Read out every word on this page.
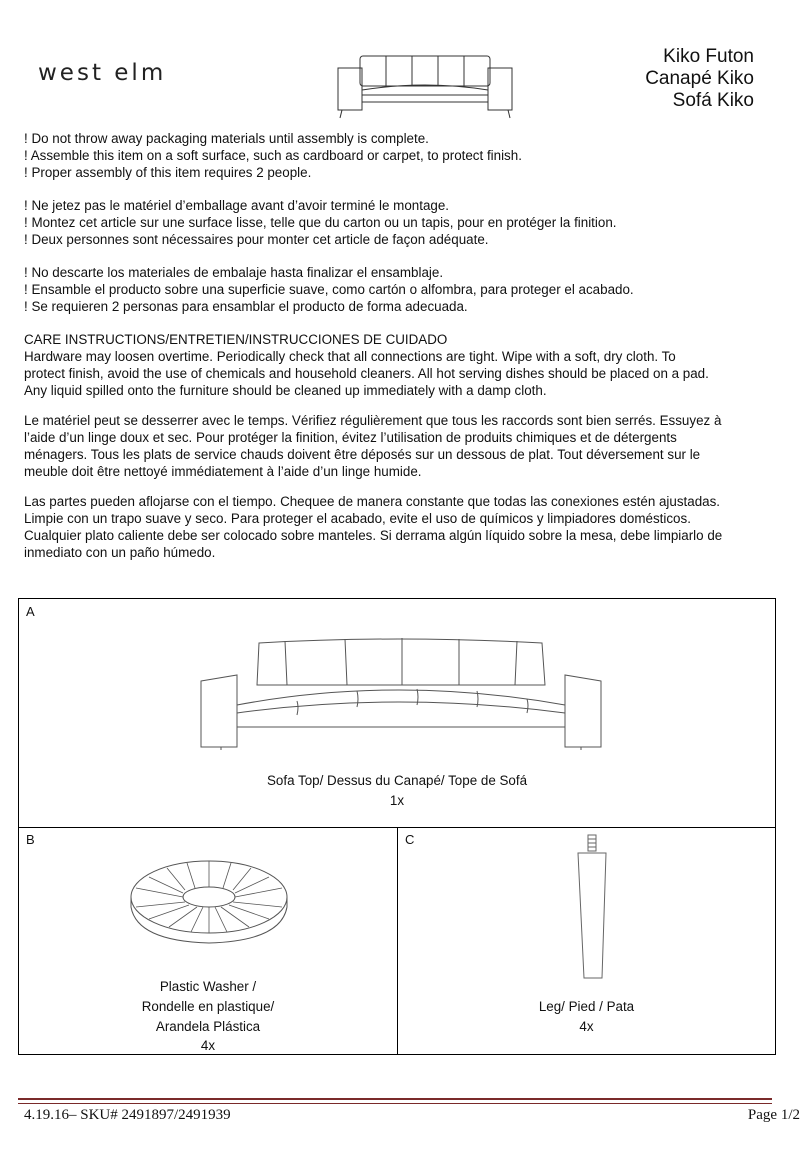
west elm
Kiko Futon
Canapé Kiko
Sofá Kiko
! Do not throw away packaging materials until assembly is complete.
! Assemble this item on a soft surface, such as cardboard or carpet, to protect finish.
! Proper assembly of this item requires 2 people.
! Ne jetez pas le matériel d’emballage avant d’avoir terminé le montage.
! Montez cet article sur une surface lisse, telle que du carton ou un tapis, pour en protéger la finition.
! Deux personnes sont nécessaires pour monter cet article de façon adéquate.
! No descarte los materiales de embalaje hasta finalizar el ensamblaje.
! Ensamble el producto sobre una superficie suave, como cartón o alfombra, para proteger el acabado.
! Se requieren 2 personas para ensamblar el producto de forma adecuada.
CARE INSTRUCTIONS/ENTRETIEN/INSTRUCCIONES DE CUIDADO
Hardware may loosen overtime. Periodically check that all connections are tight. Wipe with a soft, dry cloth. To
protect finish, avoid the use of chemicals and household cleaners. All hot serving dishes should be placed on a pad.
Any liquid spilled onto the furniture should be cleaned up immediately with a damp cloth.
Le matériel peut se desserrer avec le temps. Vérifiez régulièrement que tous les raccords sont bien serrés. Essuyez à
l’aide d’un linge doux et sec. Pour protéger la finition, évitez l’utilisation de produits chimiques et de détergents
ménagers. Tous les plats de service chauds doivent être déposés sur un dessous de plat. Tout déversement sur le
meuble doit être nettoyé immédiatement à l’aide d’un linge humide.
Las partes pueden aflojarse con el tiempo. Chequee de manera constante que todas las conexiones estén ajustadas.
Limpie con un trapo suave y seco. Para proteger el acabado, evite el uso de químicos y limpiadores domésticos.
Cualquier plato caliente debe ser colocado sobre manteles. Si derrama algún líquido sobre la mesa, debe limpiarlo de
inmediato con un paño húmedo.
A
Sofa Top/ Dessus du Canapé/ Tope de Sofá
1x
B
Plastic Washer /
Rondelle en plastique/
Arandela Plástica
4x
C
Leg/ Pied / Pata
4x
4.19.16– SKU# 2491897/2491939	Page 1/2
